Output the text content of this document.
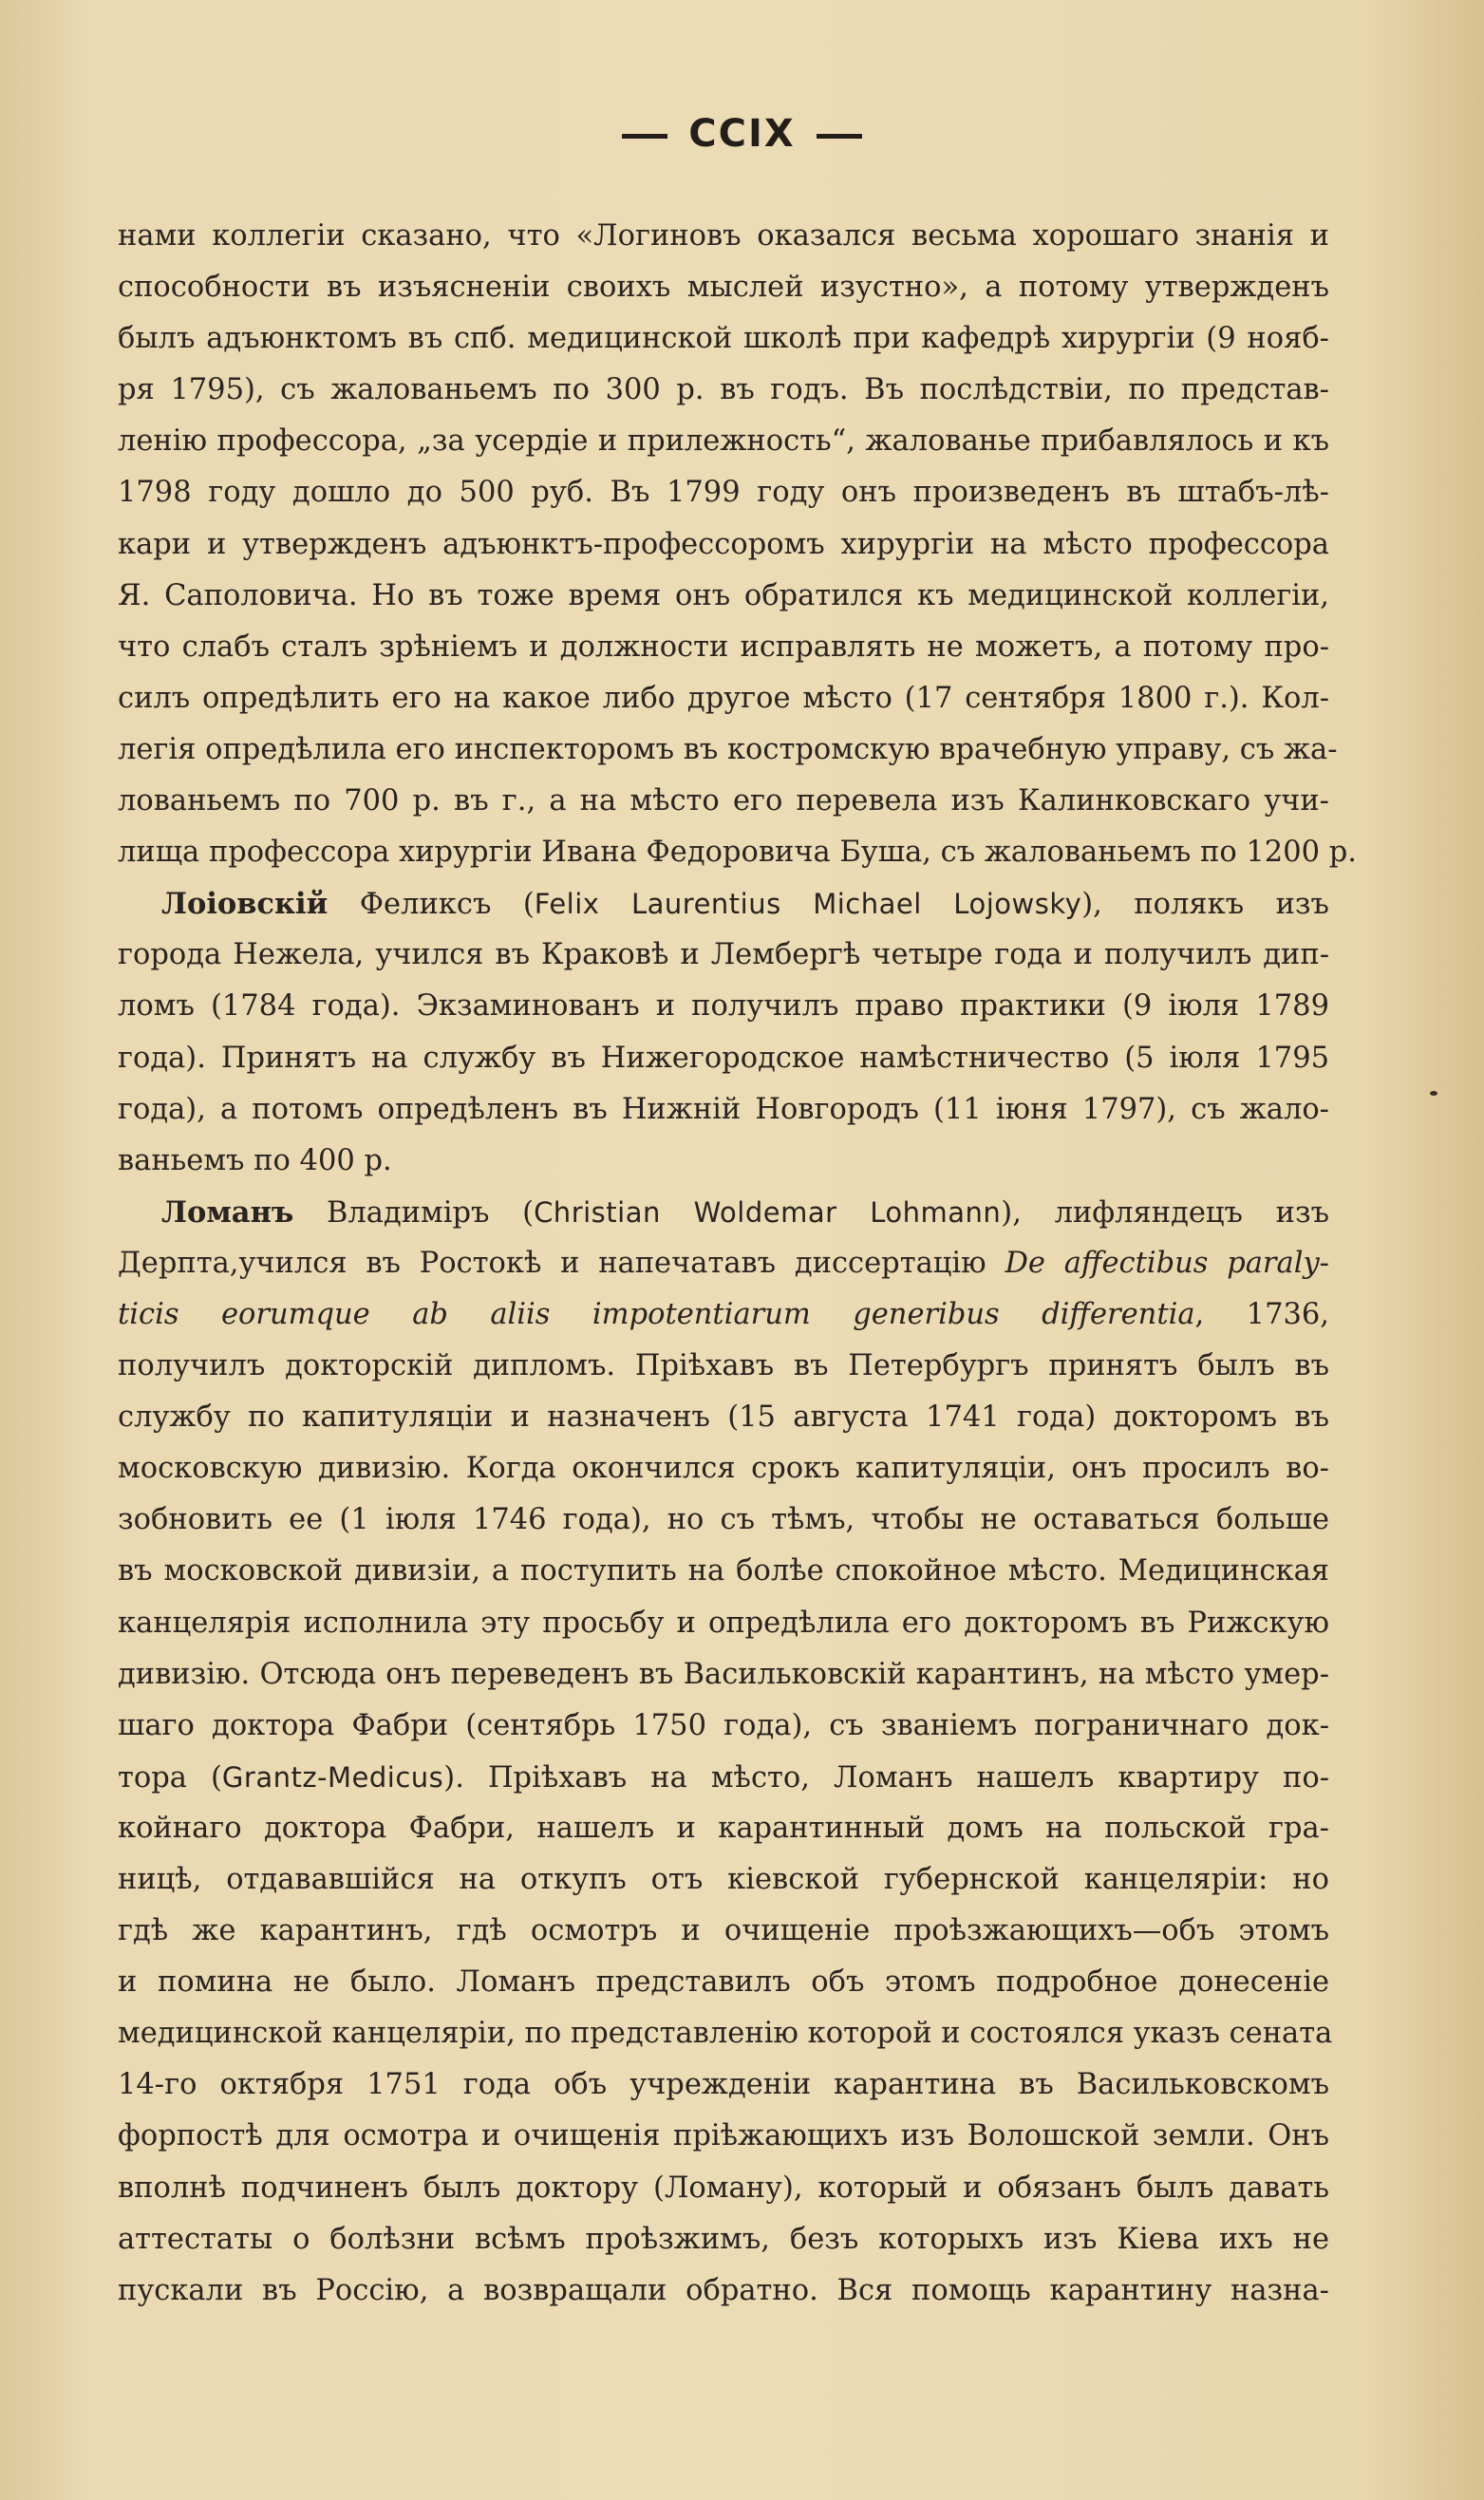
CCIX
нами коллегіи сказано, что «Логиновъ оказался весьма хорошаго знанія и
способности въ изъясненіи своихъ мыслей изустно», а потому утвержденъ
былъ адъюнктомъ въ спб. медицинской школѣ при кафедрѣ хирургіи (9 нояб-
ря 1795), съ жалованьемъ по 300 р. въ годъ. Въ послѣдствіи, по представ-
ленію профессора, „за усердіе и прилежность“, жалованье прибавлялось и къ
1798 году дошло до 500 руб. Въ 1799 году онъ произведенъ въ штабъ-лѣ-
кари и утвержденъ адъюнктъ-профессоромъ хирургіи на мѣсто профессора
Я. Саполовича. Но въ тоже время онъ обратился къ медицинской коллегіи,
что слабъ сталъ зрѣніемъ и должности исправлять не можетъ, а потому про-
силъ опредѣлить его на какое либо другое мѣсто (17 сентября 1800 г.). Кол-
легія опредѣлила его инспекторомъ въ костромскую врачебную управу, съ жа-
лованьемъ по 700 р. въ г., а на мѣсто его перевела изъ Калинковскаго учи-
лища профессора хирургіи Ивана Федоровича Буша, съ жалованьемъ по 1200 р.
Лоіовскій Феликсъ (Felix Laurentius Michael Lojowsky), полякъ изъ
города Нежела, учился въ Краковѣ и Лембергѣ четыре года и получилъ дип-
ломъ (1784 года). Экзаминованъ и получилъ право практики (9 іюля 1789
года). Принятъ на службу въ Нижегородское намѣстничество (5 іюля 1795
года), а потомъ опредѣленъ въ Нижній Новгородъ (11 іюня 1797), съ жало-
ваньемъ по 400 р.
Ломанъ Владиміръ (Christian Woldemar Lohmann), лифляндецъ изъ
Дерпта,учился въ Ростокѣ и напечатавъ диссертацію De affectibus paraly-
ticis eorumque ab aliis impotentiarum generibus differentia, 1736,
получилъ докторскій дипломъ. Пріѣхавъ въ Петербургъ принятъ былъ въ
службу по капитуляціи и назначенъ (15 августа 1741 года) докторомъ въ
московскую дивизію. Когда окончился срокъ капитуляціи, онъ просилъ во-
зобновить ее (1 іюля 1746 года), но съ тѣмъ, чтобы не оставаться больше
въ московской дивизіи, а поступить на болѣе спокойное мѣсто. Медицинская
канцелярія исполнила эту просьбу и опредѣлила его докторомъ въ Рижскую
дивизію. Отсюда онъ переведенъ въ Васильковскій карантинъ, на мѣсто умер-
шаго доктора Фабри (сентябрь 1750 года), съ званіемъ пограничнаго док-
тора (Grantz-Medicus). Пріѣхавъ на мѣсто, Ломанъ нашелъ квартиру по-
койнаго доктора Фабри, нашелъ и карантинный домъ на польской гра-
ницѣ, отдававшійся на откупъ отъ кіевской губернской канцеляріи: но
гдѣ же карантинъ, гдѣ осмотръ и очищеніе проѣзжающихъ—объ этомъ
и помина не было. Ломанъ представилъ объ этомъ подробное донесеніе
медицинской канцеляріи, по представленію которой и состоялся указъ сената
14-го октября 1751 года объ учрежденіи карантина въ Васильковскомъ
форпостѣ для осмотра и очищенія пріѣжающихъ изъ Волошской земли. Онъ
вполнѣ подчиненъ былъ доктору (Ломану), который и обязанъ былъ давать
аттестаты о болѣзни всѣмъ проѣзжимъ, безъ которыхъ изъ Кіева ихъ не
пускали въ Россію, а возвращали обратно. Вся помощь карантину назна-
